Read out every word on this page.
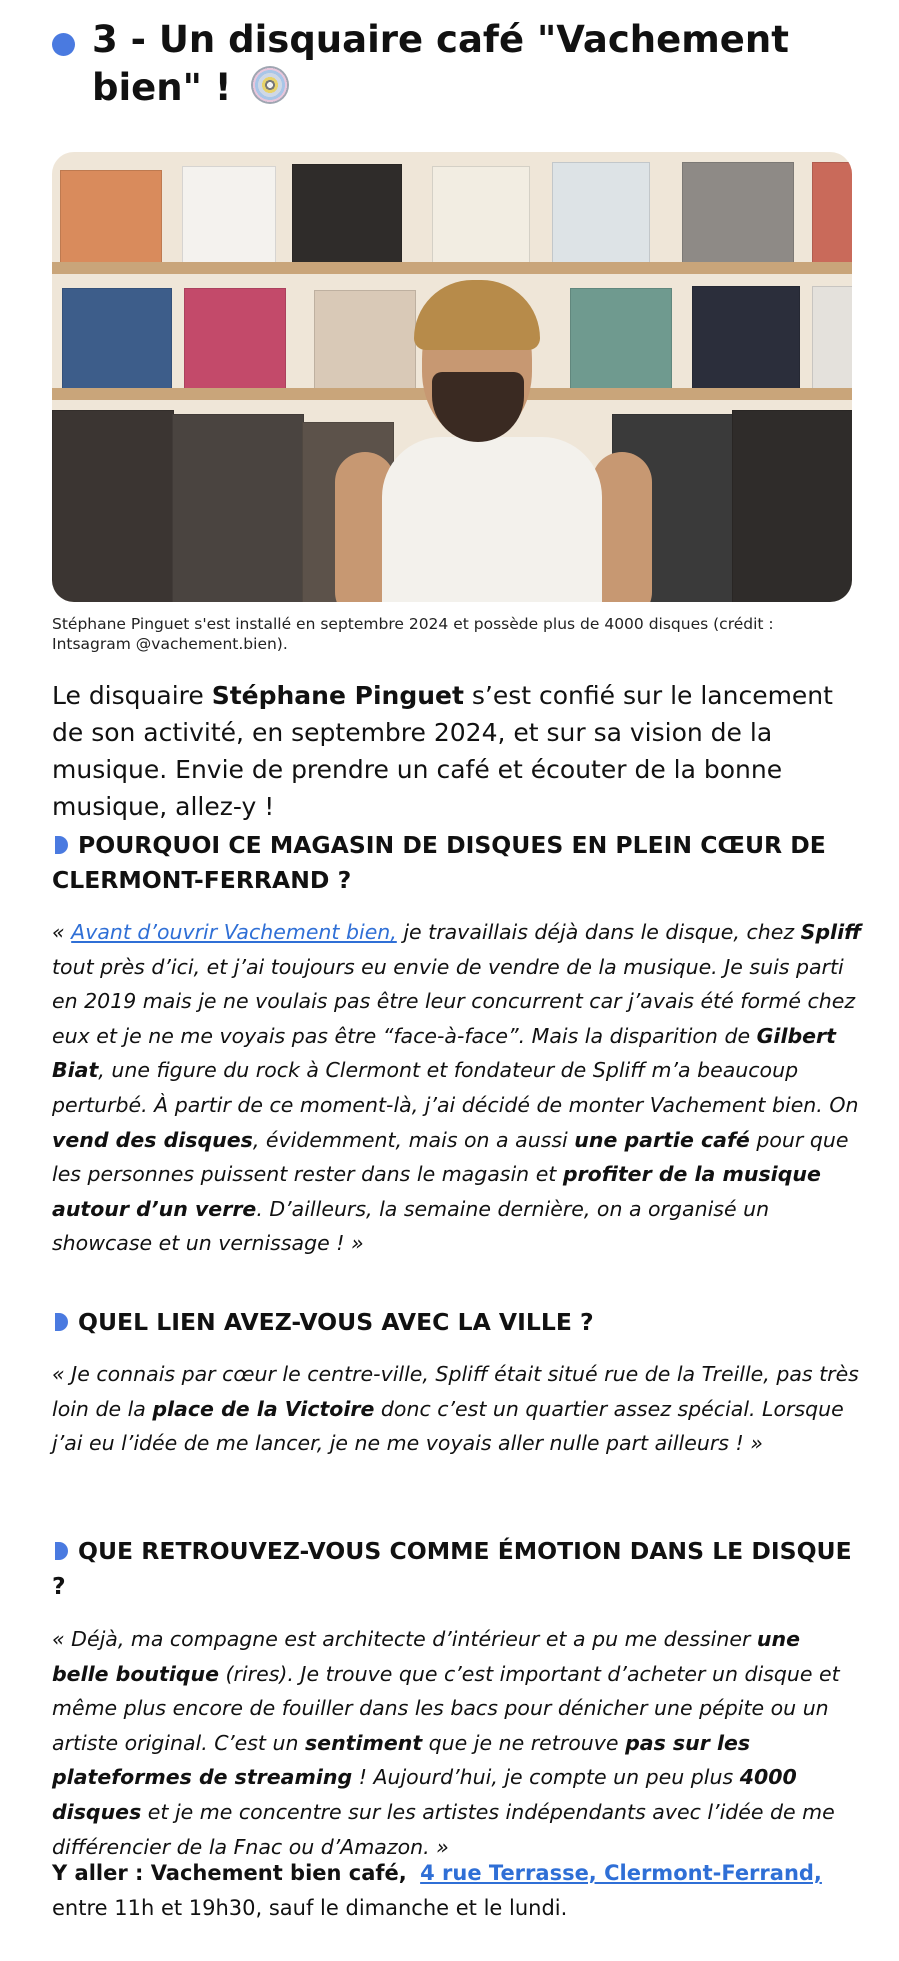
3 - Un disquaire café "Vachement bien" !
Stéphane Pinguet s'est installé en septembre 2024 et possède plus de 4000 disques (crédit : Intsagram @vachement.bien).

Le disquaire Stéphane Pinguet s’est confié sur le lancement de son activité, en septembre 2024, et sur sa vision de la musique. Envie de prendre un café et écouter de la bonne musique, allez-y !

POURQUOI CE MAGASIN DE DISQUES EN PLEIN CŒUR DE CLERMONT-FERRAND ?

« Avant d’ouvrir Vachement bien, je travaillais déjà dans le disque, chez Spliff tout près d’ici, et j’ai toujours eu envie de vendre de la musique. Je suis parti en 2019 mais je ne voulais pas être leur concurrent car j’avais été formé chez eux et je ne me voyais pas être “face-à-face”. Mais la disparition de Gilbert Biat, une figure du rock à Clermont et fondateur de Spliff m’a beaucoup perturbé. À partir de ce moment-là, j’ai décidé de monter Vachement bien. On vend des disques, évidemment, mais on a aussi une partie café pour que les personnes puissent rester dans le magasin et profiter de la musique autour d’un verre. D’ailleurs, la semaine dernière, on a organisé un showcase et un vernissage ! »

QUEL LIEN AVEZ-VOUS AVEC LA VILLE ?

« Je connais par cœur le centre-ville, Spliff était situé rue de la Treille, pas très loin de la place de la Victoire donc c’est un quartier assez spécial. Lorsque j’ai eu l’idée de me lancer, je ne me voyais aller nulle part ailleurs ! »

QUE RETROUVEZ-VOUS COMME ÉMOTION DANS LE DISQUE ?

« Déjà, ma compagne est architecte d’intérieur et a pu me dessiner une belle boutique (rires). Je trouve que c’est important d’acheter un disque et même plus encore de fouiller dans les bacs pour dénicher une pépite ou un artiste original. C’est un sentiment que je ne retrouve pas sur les plateformes de streaming ! Aujourd’hui, je compte un peu plus 4000 disques et je me concentre sur les artistes indépendants avec l’idée de me différencier de la Fnac ou d’Amazon. »

Y aller : Vachement bien café, 4 rue Terrasse, Clermont-Ferrand, entre 11h et 19h30, sauf le dimanche et le lundi.
